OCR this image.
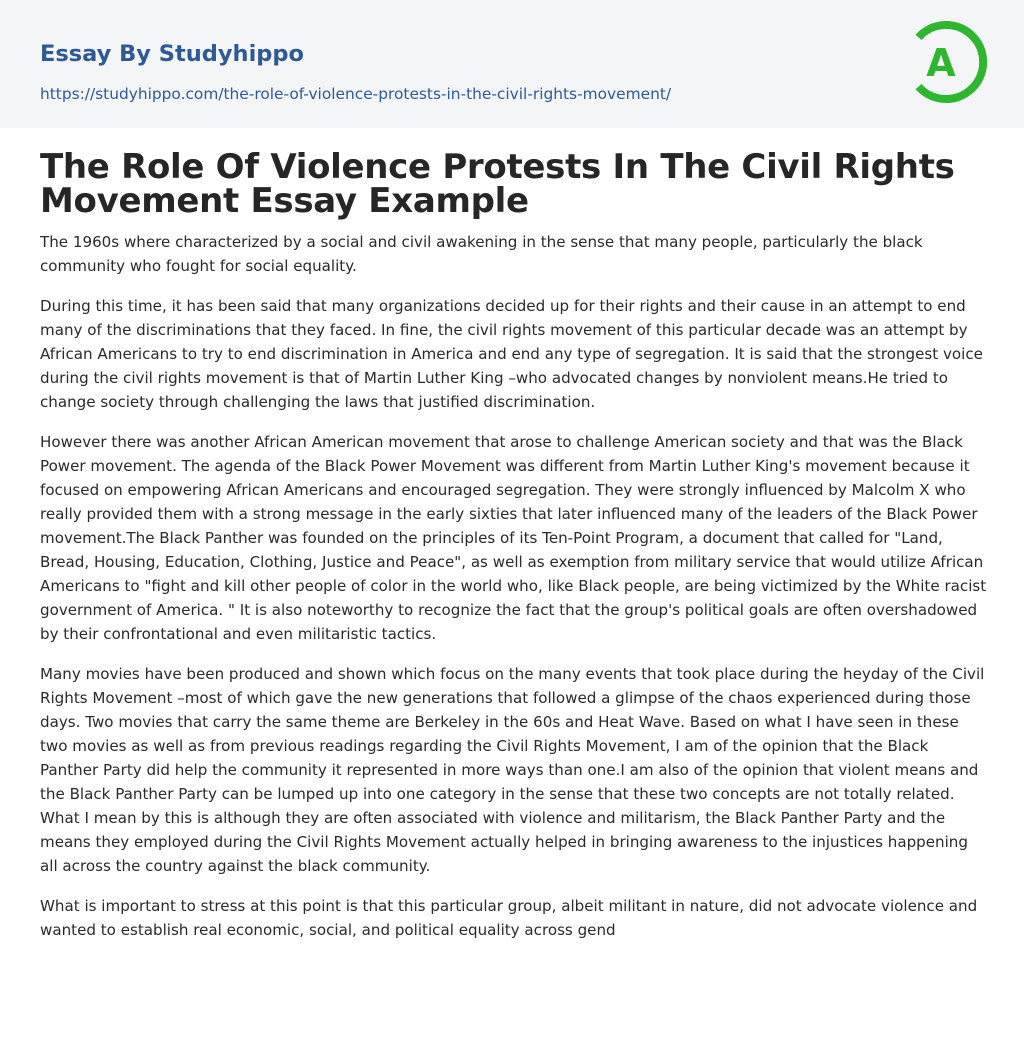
Essay By Studyhippo
https://studyhippo.com/the-role-of-violence-protests-in-the-civil-rights-movement/
A
The Role Of Violence Protests In The Civil Rights Movement Essay Example

The 1960s where characterized by a social and civil awakening in the sense that many people, particularly the black community who fought for social equality.

During this time, it has been said that many organizations decided up for their rights and their cause in an attempt to end many of the discriminations that they faced. In fine, the civil rights movement of this particular decade was an attempt by African Americans to try to end discrimination in America and end any type of segregation. It is said that the strongest voice during the civil rights movement is that of Martin Luther King –who advocated changes by nonviolent means.He tried to change society through challenging the laws that justified discrimination.

However there was another African American movement that arose to challenge American society and that was the Black Power movement. The agenda of the Black Power Movement was different from Martin Luther King's movement because it focused on empowering African Americans and encouraged segregation. They were strongly influenced by Malcolm X who really provided them with a strong message in the early sixties that later influenced many of the leaders of the Black Power movement.The Black Panther was founded on the principles of its Ten-Point Program, a document that called for "Land, Bread, Housing, Education, Clothing, Justice and Peace", as well as exemption from military service that would utilize African Americans to "fight and kill other people of color in the world who, like Black people, are being victimized by the White racist government of America. " It is also noteworthy to recognize the fact that the group's political goals are often overshadowed by their confrontational and even militaristic tactics.

Many movies have been produced and shown which focus on the many events that took place during the heyday of the Civil Rights Movement –most of which gave the new generations that followed a glimpse of the chaos experienced during those days. Two movies that carry the same theme are Berkeley in the 60s and Heat Wave. Based on what I have seen in these two movies as well as from previous readings regarding the Civil Rights Movement, I am of the opinion that the Black Panther Party did help the community it represented in more ways than one.I am also of the opinion that violent means and the Black Panther Party can be lumped up into one category in the sense that these two concepts are not totally related. What I mean by this is although they are often associated with violence and militarism, the Black Panther Party and the means they employed during the Civil Rights Movement actually helped in bringing awareness to the injustices happening all across the country against the black community.

What is important to stress at this point is that this particular group, albeit militant in nature, did not advocate violence and wanted to establish real economic, social, and political equality across gend
